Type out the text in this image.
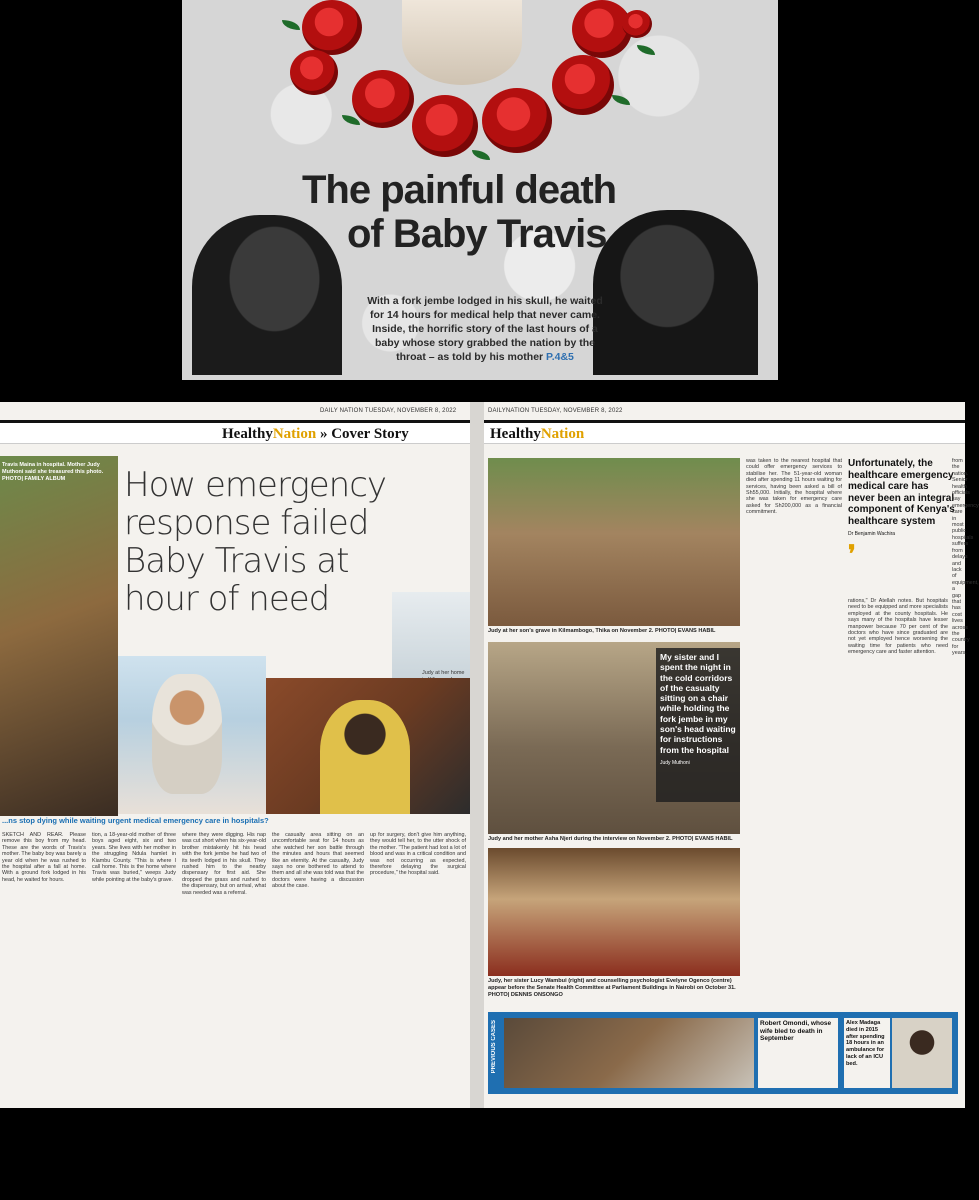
The painful death
of Baby Travis
With a fork jembe lodged in his skull, he waited for 14 hours for medical help that never came. Inside, the horrific story of the last hours of a baby whose story grabbed the nation by the throat – as told by his mother P.4&5
DAILY NATION TUESDAY, NOVEMBER 8, 2022
HealthyNation » Cover Story
Travis Maina in hospital. Mother Judy Muthoni said she treasured this photo. PHOTO| FAMILY ALBUM	How emergency response failed Baby Travis at hour of need
Judy at her home
...ns stop dying while waiting urgent medical emergency care in hospitals?
SKETCH AND REAR. Please remove this boy from my head. These are the words of Travis's mother. The baby boy was barely a year old when he was rushed to the hospital after a fall at home. With a ground fork lodged in his head, he waited for hours.
tion, a 18-year-old mother of three boys aged eight, six and two years. She lives with her mother in the struggling Ndula hamlet in Kiambu County. "This is where I call home. This is the home where Travis was buried," weeps Judy while pointing at the baby's grave.
where they were digging. His nap was cut short when his six-year-old brother mistakenly hit his head with the fork jembe he had two of its teeth lodged in his skull. They rushed him to the nearby dispensary for first aid. She dropped the grass and rushed to the dispensary, but on arrival, what was needed was a referral.
the casualty area sitting on an uncomfortable seat for 14 hours as she watched her son battle through the minutes and hours that seemed like an eternity. At the casualty, Judy says no one bothered to attend to them and all she was told was that the doctors were having a discussion about the case.
up for surgery, don't give him anything, they would tell her, to the utter shock of the mother. "The patient had lost a lot of blood and was in a critical condition and was not occurring as expected, therefore delaying the surgical procedure," the hospital said.
DAILYNATION TUESDAY, NOVEMBER 8, 2022
HealthyNation
Judy at her son's grave in Kilmambogo, Thika on November 2. PHOTO| EVANS HABIL
My sister and I spent the night in the cold corridors of the casualty sitting on a chair while holding the fork jembe in my son's head waiting for instructions from the hospital
Judy Muthoni
Judy and her mother Asha Njeri during the interview on November 2. PHOTO| EVANS HABIL
Judy, her sister Lucy Wambui (right) and counselling psychologist Evelyne Ogenco (centre) appear before the Senate Health Committee at Parliament Buildings in Nairobi on October 31. PHOTO| DENNIS ONSONGO
was taken to the nearest hospital that could offer emergency services to stabilise her. The 51-year-old woman died after spending 11 hours waiting for services, having been asked a bill of Sh55,000. Initially, the hospital where she was taken for emergency care asked for Sh200,000 as a financial commitment.
Unfortunately, the healthcare emergency medical care has never been an integral component of Kenya's healthcare system
Dr Benjamin Wachira
❜
rations," Dr Atellah notes. But hospitals need to be equipped and more specialists employed at the county hospitals. He says many of the hospitals have lesser manpower because 70 per cent of the doctors who have since graduated are not yet employed hence worsening the waiting time for patients who need emergency care and faster attention.
from the nation. Senior health officials say emergency care in most public hospitals suffers from delays and lack of equipment, a gap that has cost lives across the country for years.
PREVIOUS CASES	Robert Omondi, whose wife bled to death in September
Alex Madaga died in 2015 after spending 18 hours in an ambulance for lack of an ICU bed.
